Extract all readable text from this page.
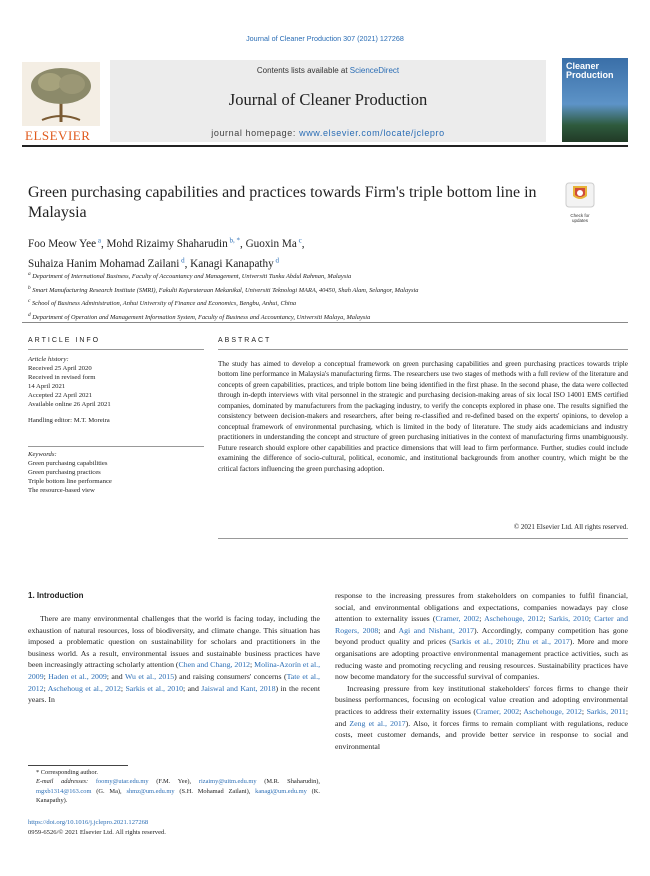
Journal of Cleaner Production 307 (2021) 127268
ELSEVIER
Contents lists available at ScienceDirect
Journal of Cleaner Production
journal homepage: www.elsevier.com/locate/jclepro
Cleaner
Production
Green purchasing capabilities and practices towards Firm's triple bottom line in Malaysia	Check for
updates
Foo Meow Yee $^a$, Mohd Rizaimy Shaharudin $^{b, *}$, Guoxin Ma $^c$,
Suhaiza Hanim Mohamad Zailani $^d$, Kanagi Kanapathy $^d$
$^a$ Department of International Business, Faculty of Accountancy and Management, Universiti Tunku Abdul Rahman, Malaysia
$^b$ Smart Manufacturing Research Institute (SMRI), Fakulti Kejuruteraan Mekanikal, Universiti Teknologi MARA, 40450, Shah Alam, Selangor, Malaysia
$^c$ School of Business Administration, Anhui University of Finance and Economics, Bengbu, Anhui, China
$^d$ Department of Operation and Management Information System, Faculty of Business and Accountancy, Universiti Malaya, Malaysia
ARTICLE INFO
Article history:
Received 25 April 2020
Received in revised form
14 April 2021
Accepted 22 April 2021
Available online 26 April 2021
Handling editor: M.T. Moreira
Keywords:
Green purchasing capabilities
Green purchasing practices
Triple bottom line performance
The resource-based view
ABSTRACT
The study has aimed to develop a conceptual framework on green purchasing capabilities and green purchasing practices towards triple bottom line performance in Malaysia's manufacturing firms. The researchers use two stages of methods with a full review of the literature and concepts of green capabilities, practices, and triple bottom line being identified in the first phase. In the second phase, the data were collected through in-depth interviews with vital personnel in the strategic and purchasing decision-making areas of six local ISO 14001 EMS certified companies, dominated by manufacturers from the packaging industry, to verify the concepts explored in phase one. The results signified the consistency between decision-makers and researchers, after being re-classified and re-defined based on the experts' opinions, to develop a conceptual framework of environmental purchasing, which is limited in the body of literature. The study aids academicians and industry practitioners in understanding the concept and structure of green purchasing initiatives in the context of manufacturing firms unambiguously. Future research should explore other capabilities and practice dimensions that will lead to firm performance. Further, studies could include examining the difference of socio-cultural, political, economic, and institutional backgrounds from another country, which might be the critical factors influencing the green purchasing adoption.
© 2021 Elsevier Ltd. All rights reserved.
1. Introduction

There are many environmental challenges that the world is facing today, including the exhaustion of natural resources, loss of biodiversity, and climate change. This situation has imposed a problematic question on sustainability for scholars and practitioners in the business world. As a result, environmental issues and sustainable business practices have been increasingly attracting scholarly attention (Chen and Chang, 2012; Molina-Azorín et al., 2009; Haden et al., 2009; and Wu et al., 2015) and raising consumers' concerns (Tate et al., 2012; Aschehoug et al., 2012; Sarkis et al., 2010; and Jaiswal and Kant, 2018) in the recent years. In

response to the increasing pressures from stakeholders on companies to fulfil financial, social, and environmental obligations and expectations, companies nowadays pay close attention to externality issues (Cramer, 2002; Aschehouge, 2012; Sarkis, 2010; Carter and Rogers, 2008; and Agi and Nishant, 2017). Accordingly, company competition has gone beyond product quality and prices (Sarkis et al., 2010; Zhu et al., 2017). More and more organisations are adopting proactive environmental management practice activities, such as reducing waste and promoting recycling and reusing resources. Sustainability practices have now become mandatory for the successful survival of companies.

Increasing pressure from key institutional stakeholders' forces firms to change their business performances, focusing on ecological value creation and adopting environmental practices to address their externality issues (Cramer, 2002; Aschehouge, 2012; Sarkis, 2011; and Zeng et al., 2017). Also, it forces firms to remain compliant with regulations, reduce costs, meet customer demands, and provide better service in response to social and environmental

* Corresponding author.
E-mail addresses: foomy@utar.edu.my (F.M. Yee), rizaimy@uitm.edu.my (M.R. Shaharudin), mgxb1314@163.com (G. Ma), shmz@um.edu.my (S.H. Mohamad Zailani), kanagi@um.edu.my (K. Kanapathy).
https://doi.org/10.1016/j.jclepro.2021.127268
0959-6526/© 2021 Elsevier Ltd. All rights reserved.
